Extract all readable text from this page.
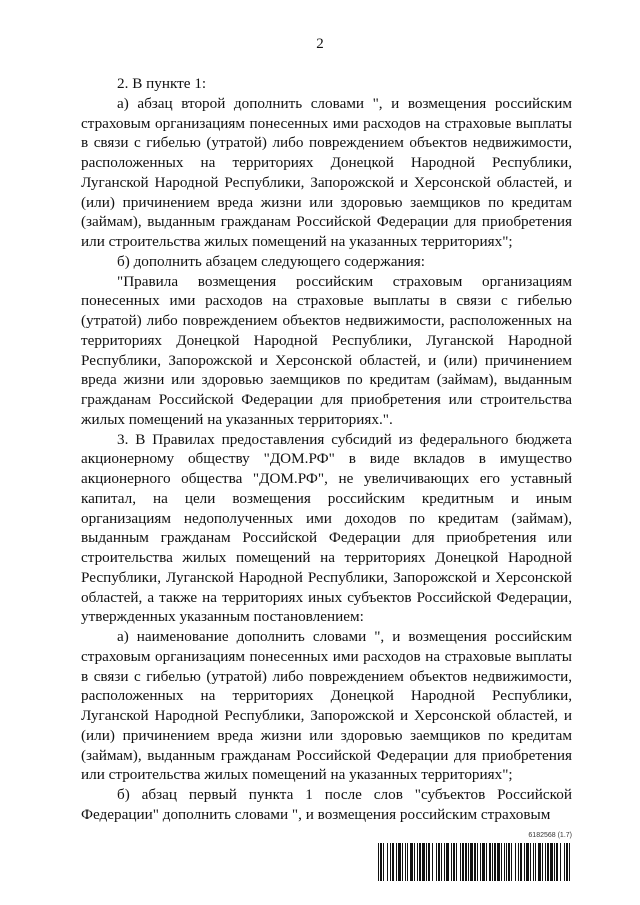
2

2. В пункте 1:

а) абзац второй дополнить словами ", и возмещения российским страховым организациям понесенных ими расходов на страховые выплаты в связи с гибелью (утратой) либо повреждением объектов недвижимости, расположенных на территориях Донецкой Народной Республики, Луганской Народной Республики, Запорожской и Херсонской областей, и (или) причинением вреда жизни или здоровью заемщиков по кредитам (займам), выданным гражданам Российской Федерации для приобретения или строительства жилых помещений на указанных территориях";

б) дополнить абзацем следующего содержания:

"Правила возмещения российским страховым организациям понесенных ими расходов на страховые выплаты в связи с гибелью (утратой) либо повреждением объектов недвижимости, расположенных на территориях Донецкой Народной Республики, Луганской Народной Республики, Запорожской и Херсонской областей, и (или) причинением вреда жизни или здоровью заемщиков по кредитам (займам), выданным гражданам Российской Федерации для приобретения или строительства жилых помещений на указанных территориях.".

3. В Правилах предоставления субсидий из федерального бюджета акционерному обществу "ДОМ.РФ" в виде вкладов в имущество акционерного общества "ДОМ.РФ", не увеличивающих его уставный капитал, на цели возмещения российским кредитным и иным организациям недополученных ими доходов по кредитам (займам), выданным гражданам Российской Федерации для приобретения или строительства жилых помещений на территориях Донецкой Народной Республики, Луганской Народной Республики, Запорожской и Херсонской областей, а также на территориях иных субъектов Российской Федерации, утвержденных указанным постановлением:

а) наименование дополнить словами ", и возмещения российским страховым организациям понесенных ими расходов на страховые выплаты в связи с гибелью (утратой) либо повреждением объектов недвижимости, расположенных на территориях Донецкой Народной Республики, Луганской Народной Республики, Запорожской и Херсонской областей, и (или) причинением вреда жизни или здоровью заемщиков по кредитам (займам), выданным гражданам Российской Федерации для приобретения или строительства жилых помещений на указанных территориях";

б) абзац первый пункта 1 после слов "субъектов Российской Федерации" дополнить словами ", и возмещения российским страховым

6182568 (1.7)
